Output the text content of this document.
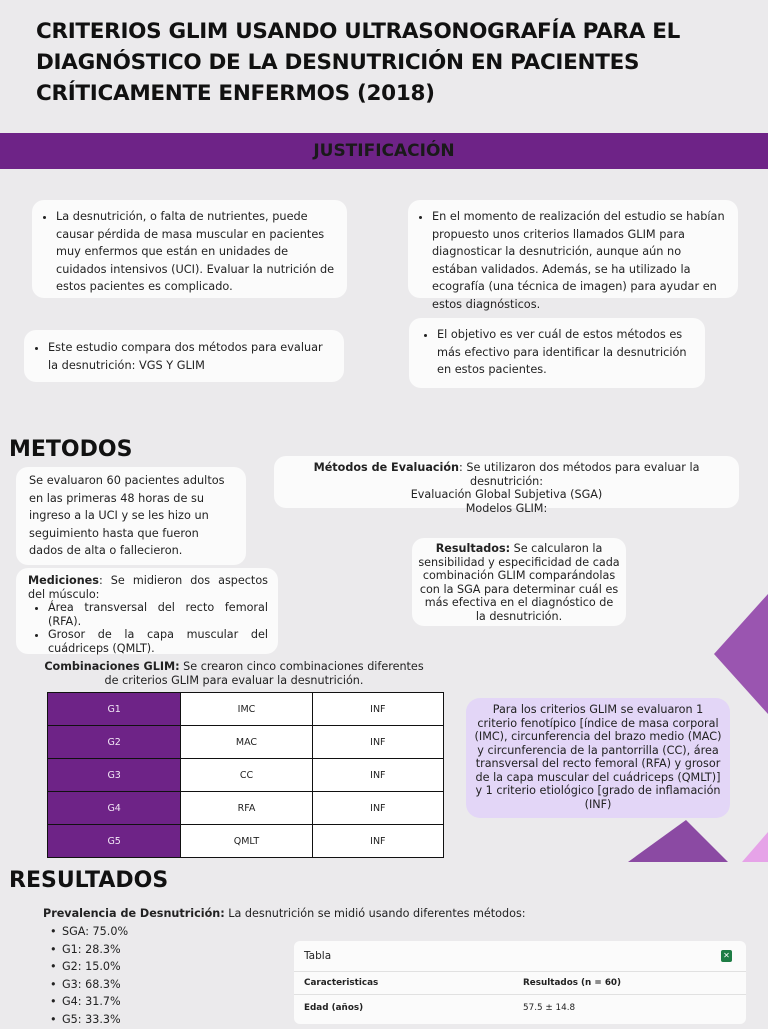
CRITERIOS GLIM USANDO ULTRASONOGRAFÍA PARA EL DIAGNÓSTICO DE LA DESNUTRICIÓN EN PACIENTES CRÍTICAMENTE ENFERMOS (2018)
JUSTIFICACIÓN
• La desnutrición, o falta de nutrientes, puede causar pérdida de masa muscular en pacientes muy enfermos que están en unidades de cuidados intensivos (UCI). Evaluar la nutrición de estos pacientes es complicado.
• En el momento de realización del estudio se habían propuesto unos criterios llamados GLIM para diagnosticar la desnutrición, aunque aún no estában validados. Además, se ha utilizado la ecografía (una técnica de imagen) para ayudar en estos diagnósticos.
• Este estudio compara dos métodos para evaluar la desnutrición: VGS Y GLIM
• El objetivo es ver cuál de estos métodos es más efectivo para identificar la desnutrición en estos pacientes.
METODOS
Se evaluaron 60 pacientes adultos en las primeras 48 horas de su ingreso a la UCI y se les hizo un seguimiento hasta que fueron dados de alta o fallecieron.
Métodos de Evaluación: Se utilizaron dos métodos para evaluar la desnutrición:
Evaluación Global Subjetiva (SGA)
Modelos GLIM:
Resultados: Se calcularon la sensibilidad y especificidad de cada combinación GLIM comparándolas con la SGA para determinar cuál es más efectiva en el diagnóstico de la desnutrición.
Mediciones: Se midieron dos aspectos del músculo:
• Área transversal del recto femoral (RFA).
• Grosor de la capa muscular del cuádriceps (QMLT).
Combinaciones GLIM: Se crearon cinco combinaciones diferentes de criterios GLIM para evaluar la desnutrición.
G1	IMC	INF
G2	MAC	INF
G3	CC	INF
G4	RFA	INF
G5	QMLT	INF
Para los criterios GLIM se evaluaron 1 criterio fenotípico [índice de masa corporal (IMC), circunferencia del brazo medio (MAC) y circunferencia de la pantorrilla (CC), área transversal del recto femoral (RFA) y grosor de la capa muscular del cuádriceps (QMLT)] y 1 criterio etiológico [grado de inflamación (INF)
RESULTADOS
Prevalencia de Desnutrición: La desnutrición se midió usando diferentes métodos:
• SGA: 75.0%
• G1: 28.3%
• G2: 15.0%
• G3: 68.3%
• G4: 31.7%
• G5: 33.3%
Tabla	✕
Caracteristicas	Resultados (n = 60)
Edad (años)	57.5 ± 14.8
